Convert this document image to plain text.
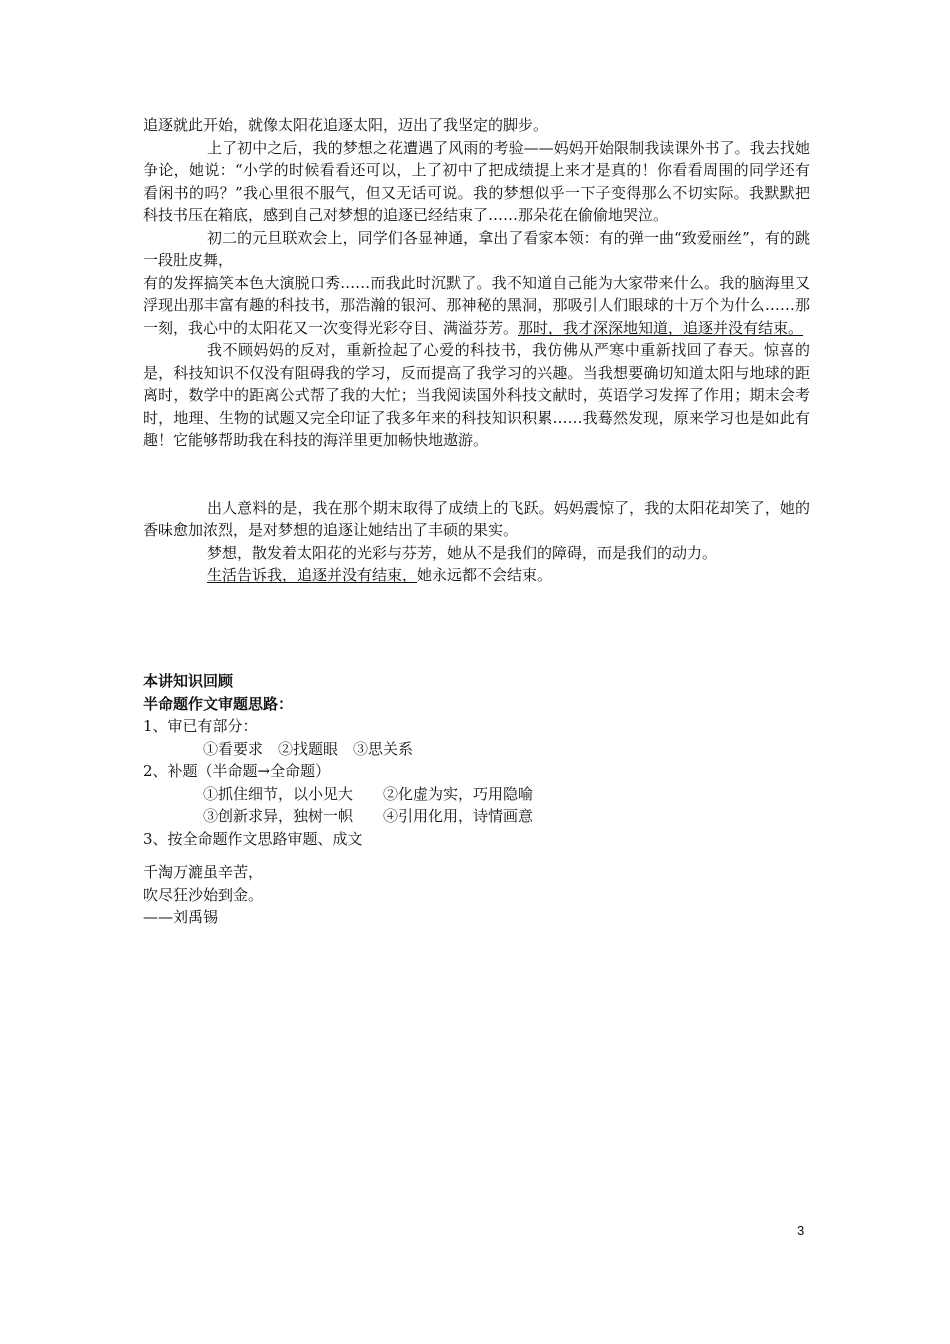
追逐就此开始，就像太阳花追逐太阳，迈出了我坚定的脚步。

上了初中之后，我的梦想之花遭遇了风雨的考验——妈妈开始限制我读课外书了。我去找她争论，她说：“小学的时候看看还可以，上了初中了把成绩提上来才是真的！你看看周围的同学还有看闲书的吗？”我心里很不服气，但又无话可说。我的梦想似乎一下子变得那么不切实际。我默默把科技书压在箱底，感到自己对梦想的追逐已经结束了……那朵花在偷偷地哭泣。

初二的元旦联欢会上，同学们各显神通，拿出了看家本领：有的弹一曲“致爱丽丝”，有的跳一段肚皮舞，

有的发挥搞笑本色大演脱口秀……而我此时沉默了。我不知道自己能为大家带来什么。我的脑海里又浮现出那丰富有趣的科技书，那浩瀚的银河、那神秘的黑洞，那吸引人们眼球的十万个为什么……那一刻，我心中的太阳花又一次变得光彩夺目、满溢芬芳。那时，我才深深地知道，追逐并没有结束。

我不顾妈妈的反对，重新捡起了心爱的科技书，我仿佛从严寒中重新找回了春天。惊喜的是，科技知识不仅没有阻碍我的学习，反而提高了我学习的兴趣。当我想要确切知道太阳与地球的距离时，数学中的距离公式帮了我的大忙；当我阅读国外科技文献时，英语学习发挥了作用；期末会考时，地理、生物的试题又完全印证了我多年来的科技知识积累……我蓦然发现，原来学习也是如此有趣！它能够帮助我在科技的海洋里更加畅快地遨游。

出人意料的是，我在那个期末取得了成绩上的飞跃。妈妈震惊了，我的太阳花却笑了，她的香味愈加浓烈，是对梦想的追逐让她结出了丰硕的果实。

梦想，散发着太阳花的光彩与芬芳，她从不是我们的障碍，而是我们的动力。

生活告诉我，追逐并没有结束，她永远都不会结束。

本讲知识回顾

半命题作文审题思路：

1、审已有部分：

①看要求　②找题眼　③思关系

2、补题（半命题→全命题）

①抓住细节，以小见大　　②化虚为实，巧用隐喻

③创新求异，独树一帜　　④引用化用，诗情画意

3、按全命题作文思路审题、成文

千淘万漉虽辛苦，

吹尽狂沙始到金。

——刘禹锡

3
